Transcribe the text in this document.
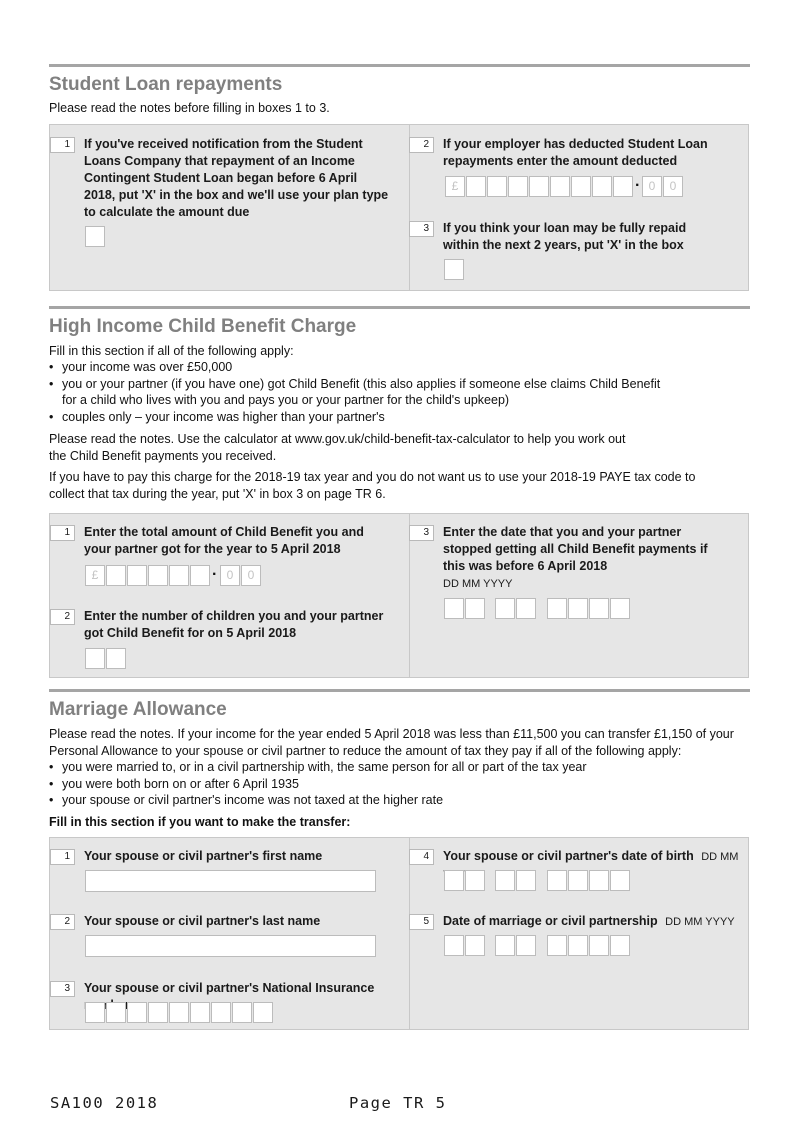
Student Loan repayments

Please read the notes before filling in boxes 1 to 3.

1	If you've received notification from the Student Loans Company that repayment of an Income Contingent Student Loan began before 6 April 2018, put 'X' in the box and we'll use your plan type to calculate the amount due
2	If your employer has deducted Student Loan repayments enter the amount deducted
£	· 0	0
3	If you think your loan may be fully repaid within the next 2 years, put 'X' in the box
High Income Child Benefit Charge

Fill in this section if all of the following apply:

• your income was over £50,000
• you or your partner (if you have one) got Child Benefit (this also applies if someone else claims Child Benefit for a child who lives with you and pays you or your partner for the child's upkeep)
• couples only – your income was higher than your partner's

Please read the notes. Use the calculator at www.gov.uk/child-benefit-tax-calculator to help you work out the Child Benefit payments you received.

If you have to pay this charge for the 2018-19 tax year and you do not want us to use your 2018-19 PAYE tax code to collect that tax during the year, put 'X' in box 3 on page TR 6.

1	Enter the total amount of Child Benefit you and your partner got for the year to 5 April 2018
£	· 0	0
2	Enter the number of children you and your partner got Child Benefit for on 5 April 2018
3	Enter the date that you and your partner stopped getting all Child Benefit payments if this was before 6 April 2018
DD MM YYYY
Marriage Allowance

Please read the notes. If your income for the year ended 5 April 2018 was less than £11,500 you can transfer £1,150 of your Personal Allowance to your spouse or civil partner to reduce the amount of tax they pay if all of the following apply:

• you were married to, or in a civil partnership with, the same person for all or part of the tax year
• you were both born on or after 6 April 1935
• your spouse or civil partner's income was not taxed at the higher rate

Fill in this section if you want to make the transfer:

1	Your spouse or civil partner's first name
2	Your spouse or civil partner's last name
3	Your spouse or civil partner's National Insurance
4	Your spouse or civil partner's date of birth DD MM
5	Date of marriage or civil partnership DD MM YYYY
SA100 2018	Page TR 5
